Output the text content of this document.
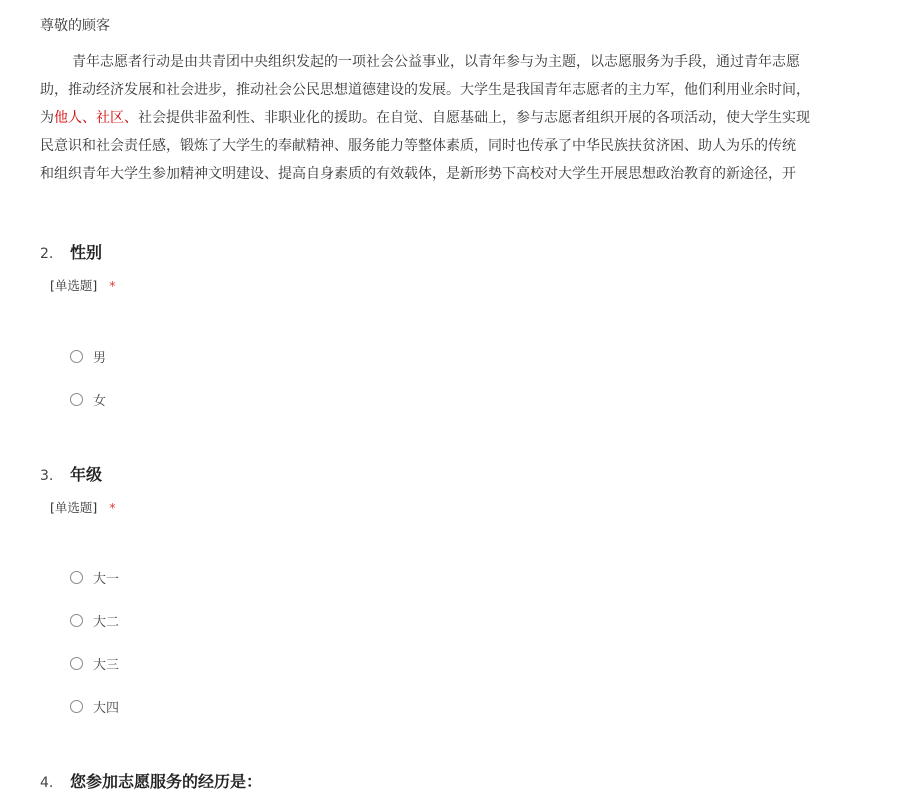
尊敬的顾客
青年志愿者行动是由共青团中央组织发起的一项社会公益事业，以青年参与为主题，以志愿服务为手段，通过青年志愿
助，推动经济发展和社会进步，推动社会公民思想道德建设的发展。大学生是我国青年志愿者的主力军，他们利用业余时间，
为他人、社区、社会提供非盈利性、非职业化的援助。在自觉、自愿基础上，参与志愿者组织开展的各项活动，使大学生实现
民意识和社会责任感，锻炼了大学生的奉献精神、服务能力等整体素质，同时也传承了中华民族扶贫济困、助人为乐的传统
和组织青年大学生参加精神文明建设、提高自身素质的有效载体，是新形势下高校对大学生开展思想政治教育的新途径，开
2.	性别
[单选题] *
男
女
3.	年级
[单选题] *
大一
大二
大三
大四
4.	您参加志愿服务的经历是：
